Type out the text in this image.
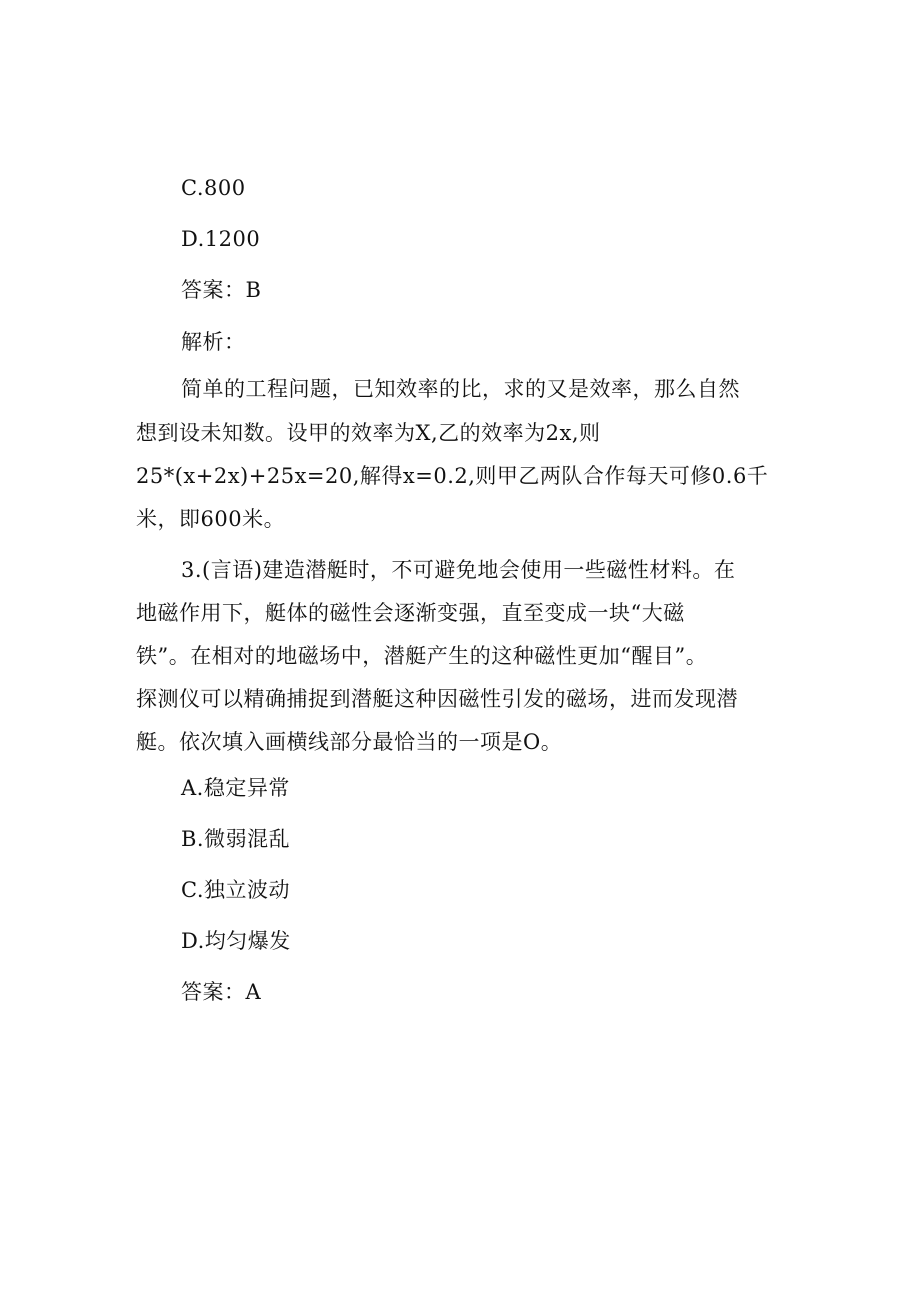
C.800
D.1200
答案：B
解析：
简单的工程问题，已知效率的比，求的又是效率，那么自然
想到设未知数。设甲的效率为X,乙的效率为2x,则
25*(x+2x)+25x=20,解得x=0.2,则甲乙两队合作每天可修0.6千
米，即600米。
3.(言语)建造潜艇时，不可避免地会使用一些磁性材料。在
地磁作用下，艇体的磁性会逐渐变强，直至变成一块“大磁
铁”。在相对的地磁场中，潜艇产生的这种磁性更加“醒目”。
探测仪可以精确捕捉到潜艇这种因磁性引发的磁场，进而发现潜
艇。依次填入画横线部分最恰当的一项是O。
A.稳定异常
B.微弱混乱
C.独立波动
D.均匀爆发
答案：A
